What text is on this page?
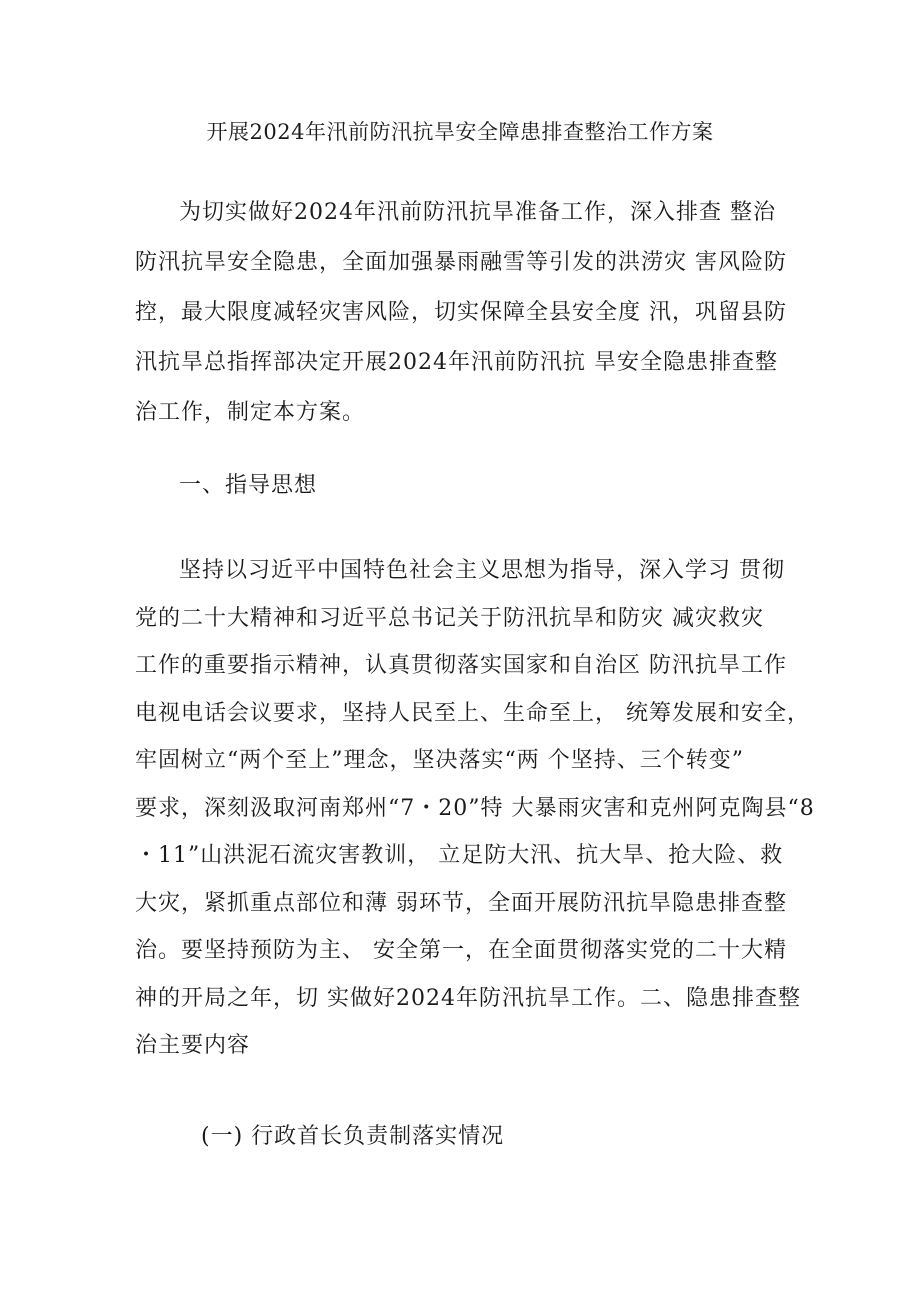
开展2024年汛前防汛抗旱安全障患排查整治工作方案
为切实做好2024年汛前防汛抗旱准备工作，深入排查 整治
防汛抗旱安全隐患，全面加强暴雨融雪等引发的洪涝灾 害风险防
控，最大限度减轻灾害风险，切实保障全县安全度 汛，巩留县防
汛抗旱总指挥部决定开展2024年汛前防汛抗 旱安全隐患排查整
治工作，制定本方案。
一、指导思想
坚持以习近平中国特色社会主义思想为指导，深入学习 贯彻
党的二十大精神和习近平总书记关于防汛抗旱和防灾 减灾救灾
工作的重要指示精神，认真贯彻落实国家和自治区 防汛抗旱工作
电视电话会议要求，坚持人民至上、生命至上， 统筹发展和安全，
牢固树立“两个至上”理念，坚决落实“两 个坚持、三个转变”
要求，深刻汲取河南郑州“7・20”特 大暴雨灾害和克州阿克陶县“8
・11”山洪泥石流灾害教训， 立足防大汛、抗大旱、抢大险、救
大灾，紧抓重点部位和薄 弱环节，全面开展防汛抗旱隐患排查整
治。要坚持预防为主、 安全第一，在全面贯彻落实党的二十大精
神的开局之年，切 实做好2024年防汛抗旱工作。二、隐患排查整
治主要内容
(一) 行政首长负责制落实情况
